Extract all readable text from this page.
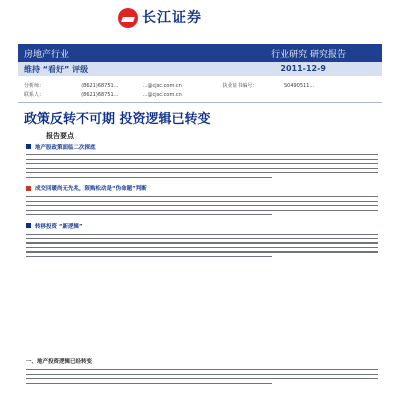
长江证券
房地产行业	行业研究 研究报告
维持 “看好” 评级	2011-12-9
分析师：	(8621)68751...	...@cjsc.com.cn	执业证书编号：	S0490511...
联系人：	(8621)68751...	...@cjsc.com.cn
政策反转不可期 投资逻辑已转变
报告要点
地产股政策面临二次探底
成交回暖尚无先兆，限购松动是“伪命题”判断
转移投资 “新逻辑”
一、地产投资逻辑已经转变
